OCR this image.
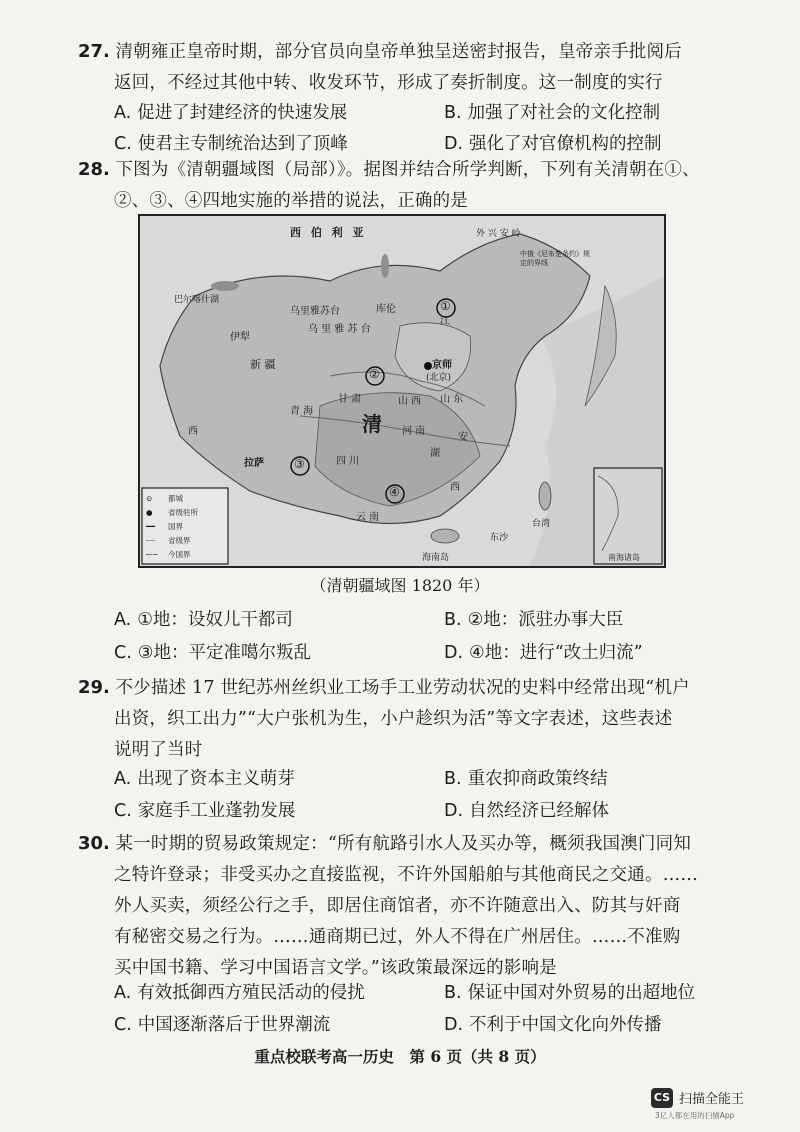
27. 清朝雍正皇帝时期，部分官员向皇帝单独呈送密封报告，皇帝亲手批阅后
返回，不经过其他中转、收发环节，形成了奏折制度。这一制度的实行
A. 促进了封建经济的快速发展	B. 加强了对社会的文化控制
C. 使君主专制统治达到了顶峰	D. 强化了对官僚机构的控制
28. 下图为《清朝疆域图（局部）》。据图并结合所学判断，下列有关清朝在①、
②、③、④四地实施的举措的说法，正确的是
西 伯 利 亚
巴尔喀什湖
乌里雅苏台	库伦
乌 里 雅 苏 台
伊犁
新 疆	京师
(北京)
甘 肃
青 海
山 西
清
山 东
河 南
安
湖
江
西
西
四 川
云 南
拉萨
台湾
海南岛
东沙
南海诸岛
外 兴 安 岭
中俄《尼布楚条约》规定的界线
①
②
③
④
⊙ 都城
● 省级驻所
━━ 国界
┈┈ 省级界
─·─ 今国界
（清朝疆域图 1820 年）
A. ①地：设奴儿干都司	B. ②地：派驻办事大臣
C. ③地：平定准噶尔叛乱	D. ④地：进行“改土归流”
29. 不少描述 17 世纪苏州丝织业工场手工业劳动状况的史料中经常出现“机户
出资，织工出力”“大户张机为生，小户趁织为活”等文字表述，这些表述
说明了当时
A. 出现了资本主义萌芽	B. 重农抑商政策终结
C. 家庭手工业蓬勃发展	D. 自然经济已经解体
30. 某一时期的贸易政策规定：“所有航路引水人及买办等，概须我国澳门同知
之特许登录；非受买办之直接监视，不许外国船舶与其他商民之交通。……
外人买卖，须经公行之手，即居住商馆者，亦不许随意出入、防其与奸商
有秘密交易之行为。……通商期已过，外人不得在广州居住。……不准购
买中国书籍、学习中国语言文学。”该政策最深远的影响是
A. 有效抵御西方殖民活动的侵扰	B. 保证中国对外贸易的出超地位
C. 中国逐渐落后于世界潮流	D. 不利于中国文化向外传播
重点校联考高一历史　第 6 页（共 8 页）
CS 扫描全能王
3亿人都在用的扫描App
